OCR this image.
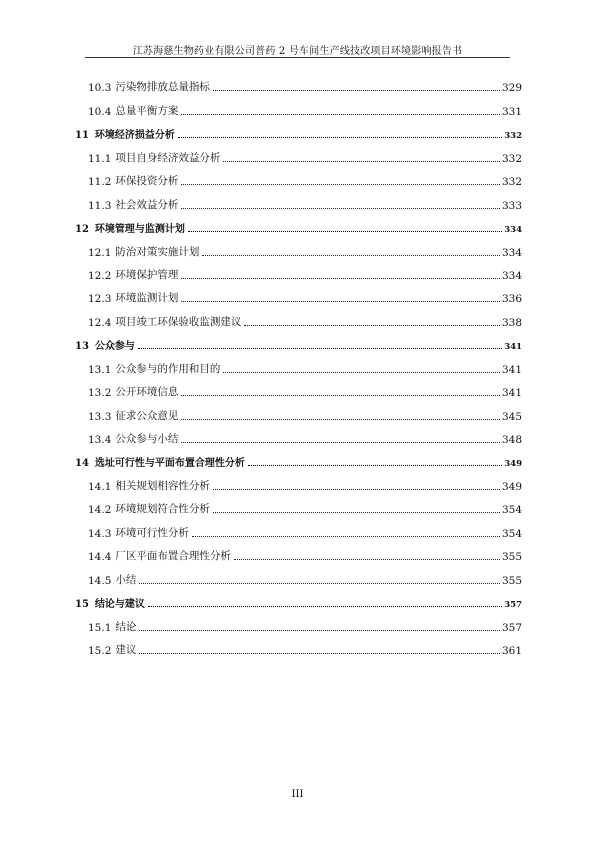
江苏海慈生物药业有限公司普药 2 号车间生产线技改项目环境影响报告书
10.3 污染物排放总量指标	329
10.4 总量平衡方案	331
11 环境经济损益分析	332
11.1 项目自身经济效益分析	332
11.2 环保投资分析	332
11.3 社会效益分析	333
12 环境管理与监测计划	334
12.1 防治对策实施计划	334
12.2 环境保护管理	334
12.3 环境监测计划	336
12.4 项目竣工环保验收监测建议	338
13 公众参与	341
13.1 公众参与的作用和目的	341
13.2 公开环境信息	341
13.3 征求公众意见	345
13.4 公众参与小结	348
14 选址可行性与平面布置合理性分析	349
14.1 相关规划相容性分析	349
14.2 环境规划符合性分析	354
14.3 环境可行性分析	354
14.4 厂区平面布置合理性分析	355
14.5 小结	355
15 结论与建议	357
15.1 结论	357
15.2 建议	361
III
